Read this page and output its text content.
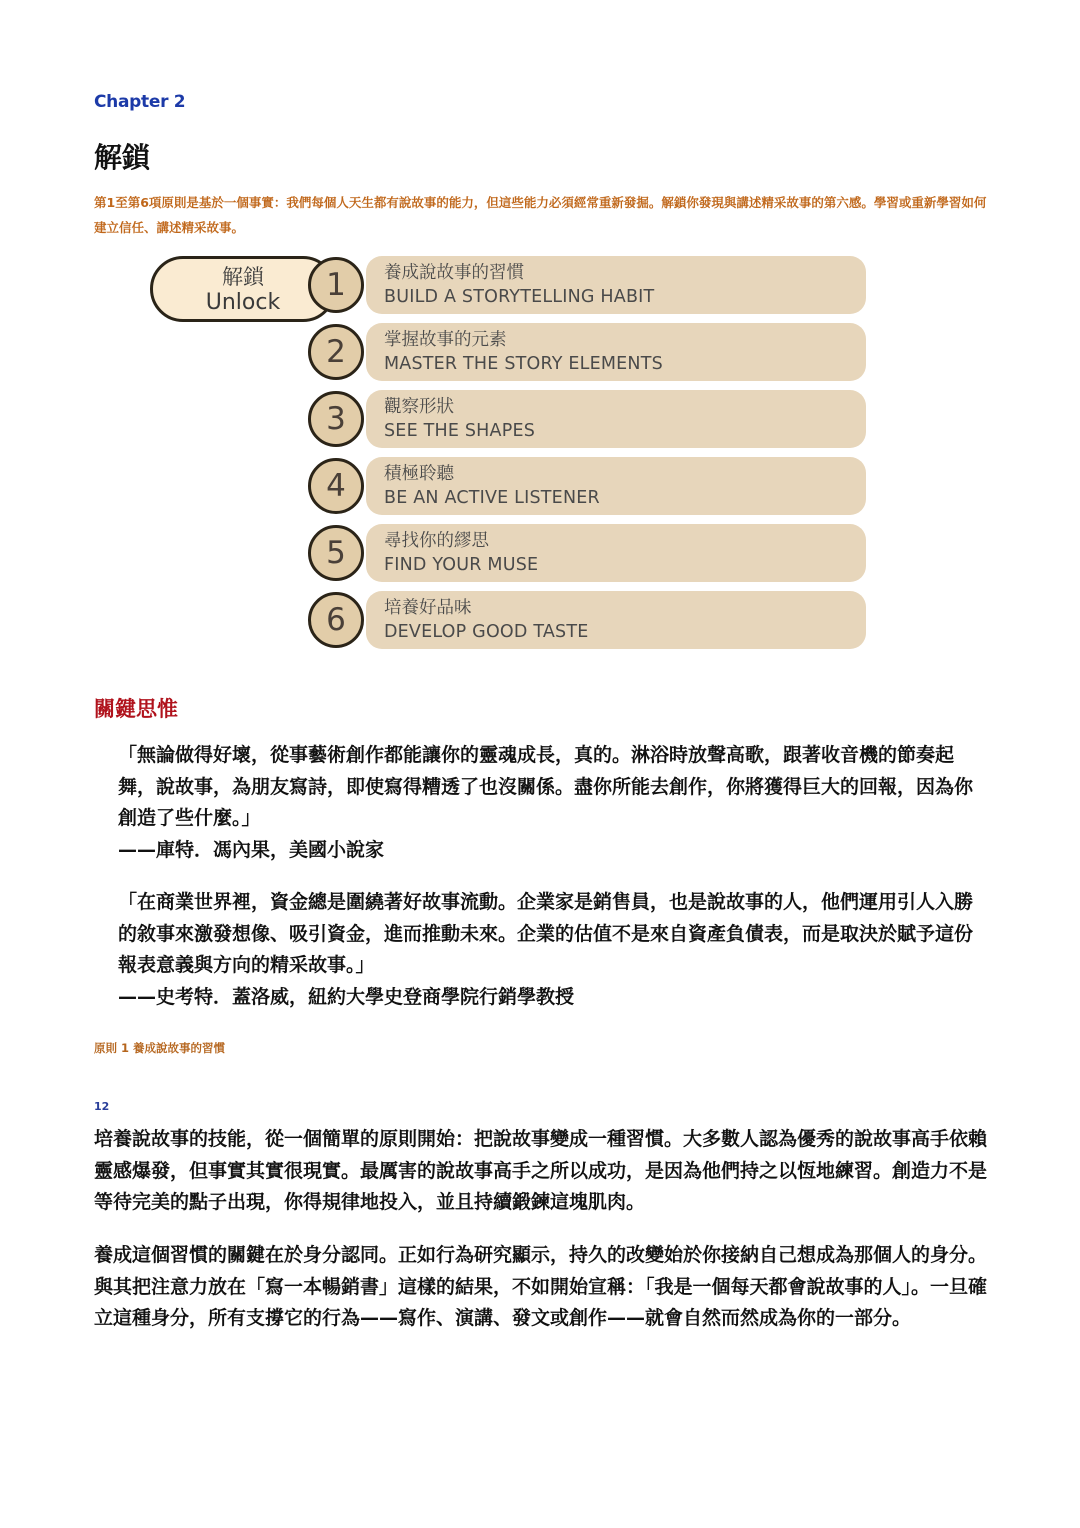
Chapter 2
解鎖
第1至第6項原則是基於一個事實：我們每個人天生都有說故事的能力，但這些能力必須經常重新發掘。解鎖你發現與講述精采故事的第六感。學習或重新學習如何建立信任、講述精采故事。
解鎖
Unlock
養成說故事的習慣
BUILD A STORYTELLING HABIT
1
掌握故事的元素
MASTER THE STORY ELEMENTS
2
觀察形狀
SEE THE SHAPES
3
積極聆聽
BE AN ACTIVE LISTENER
4
尋找你的繆思
FIND YOUR MUSE
5
培養好品味
DEVELOP GOOD TASTE
6
關鍵思惟
「無論做得好壞，從事藝術創作都能讓你的靈魂成長，真的。淋浴時放聲高歌，跟著收音機的節奏起舞，說故事，為朋友寫詩，即使寫得糟透了也沒關係。盡你所能去創作，你將獲得巨大的回報，因為你創造了些什麼。」
——庫特．馮內果，美國小說家
「在商業世界裡，資金總是圍繞著好故事流動。企業家是銷售員，也是說故事的人，他們運用引人入勝的敘事來激發想像、吸引資金，進而推動未來。企業的估值不是來自資產負債表，而是取決於賦予這份報表意義與方向的精采故事。」
——史考特．蓋洛威，紐約大學史登商學院行銷學教授
原則 1 養成說故事的習慣
12
培養說故事的技能，從一個簡單的原則開始：把說故事變成一種習慣。大多數人認為優秀的說故事高手依賴靈感爆發，但事實其實很現實。最厲害的說故事高手之所以成功，是因為他們持之以恆地練習。創造力不是等待完美的點子出現，你得規律地投入，並且持續鍛鍊這塊肌肉。
養成這個習慣的關鍵在於身分認同。正如行為研究顯示，持久的改變始於你接納自己想成為那個人的身分。與其把注意力放在「寫一本暢銷書」這樣的結果，不如開始宣稱：「我是一個每天都會說故事的人」。一旦確立這種身分，所有支撐它的行為——寫作、演講、發文或創作——就會自然而然成為你的一部分。
